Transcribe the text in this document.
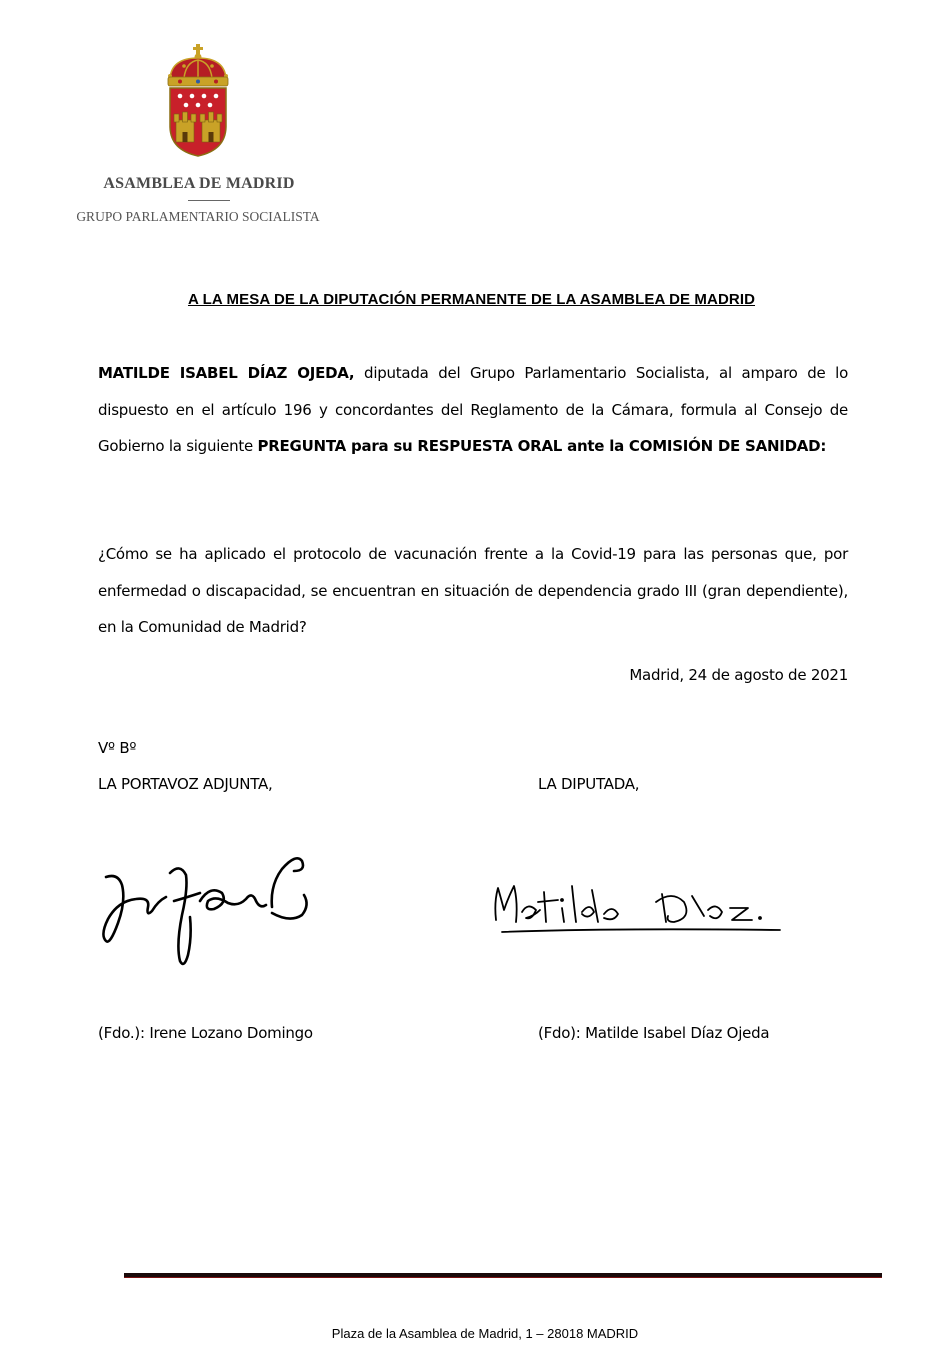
ASAMBLEA DE MADRID
GRUPO PARLAMENTARIO SOCIALISTA
A LA MESA DE LA DIPUTACIÓN PERMANENTE DE LA ASAMBLEA DE MADRID

MATILDE ISABEL DÍAZ OJEDA, diputada del Grupo Parlamentario Socialista, al amparo de lo dispuesto en el artículo 196 y concordantes del Reglamento de la Cámara, formula al Consejo de Gobierno la siguiente PREGUNTA para su RESPUESTA ORAL ante la COMISIÓN DE SANIDAD:

¿Cómo se ha aplicado el protocolo de vacunación frente a la Covid-19 para las personas que, por enfermedad o discapacidad, se encuentran en situación de dependencia grado III (gran dependiente), en la Comunidad de Madrid?

Madrid, 24 de agosto de 2021
Vº Bº
LA PORTAVOZ ADJUNTA,	LA DIPUTADA,
(Fdo.): Irene Lozano Domingo	(Fdo): Matilde Isabel Díaz Ojeda
Plaza de la Asamblea de Madrid, 1 – 28018 MADRID
